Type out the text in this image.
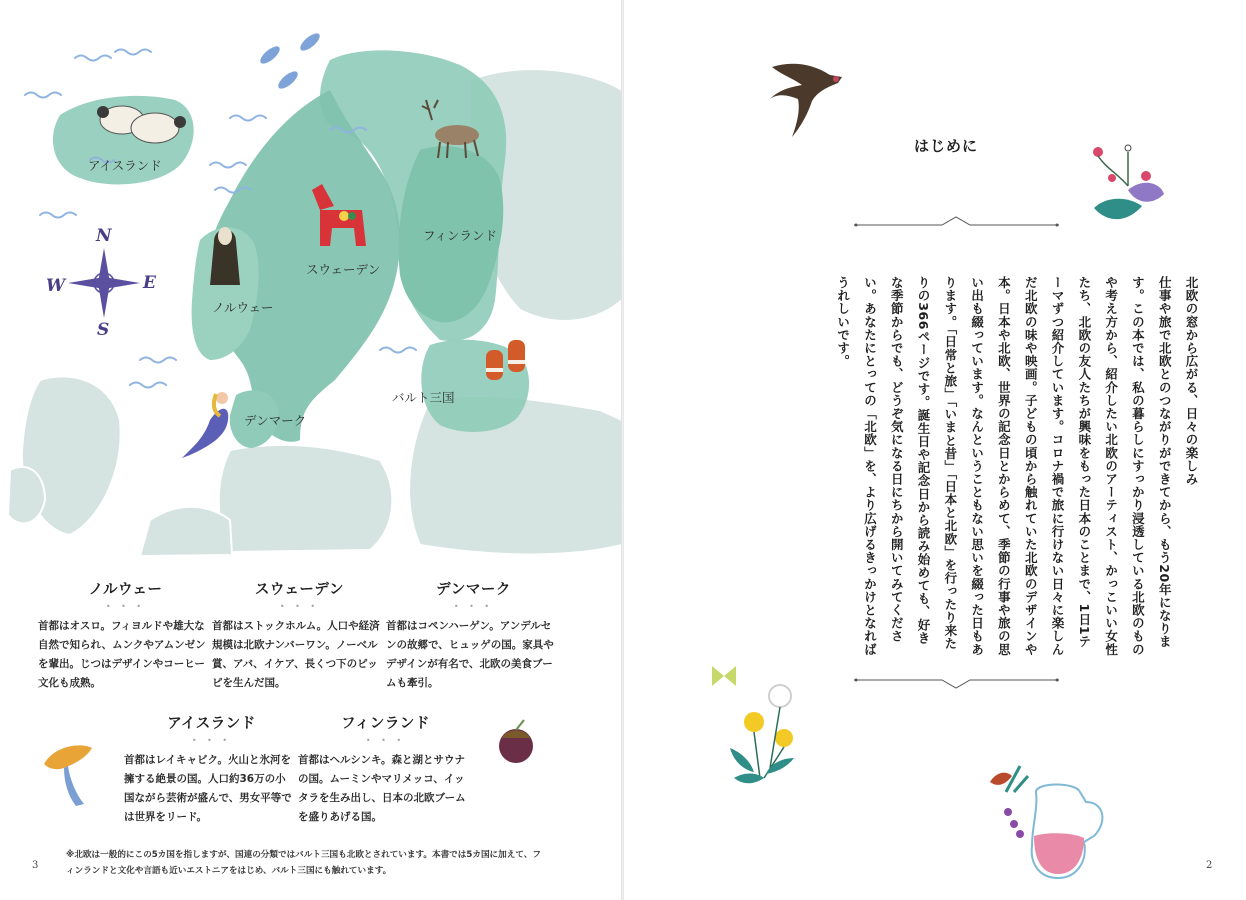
アイスランド
ノルウェー
スウェーデン
フィンランド
デンマーク
バルト三国
N
S
E
W
ノルウェー
• • •

首都はオスロ。フィヨルドや雄大な自然で知られ、ムンクやアムンゼンを輩出。じつはデザインやコーヒー文化も成熟。

スウェーデン
• • •

首都はストックホルム。人口や経済規模は北欧ナンバーワン。ノーベル賞、アバ、イケア、長くつ下のピッピを生んだ国。

デンマーク
• • •

首都はコペンハーゲン。アンデルセンの故郷で、ヒュッゲの国。家具やデザインが有名で、北欧の美食ブームも牽引。

アイスランド
• • •

首都はレイキャビク。火山と氷河を擁する絶景の国。人口約36万の小国ながら芸術が盛んで、男女平等では世界をリード。

フィンランド
• • •

首都はヘルシンキ。森と湖とサウナの国。ムーミンやマリメッコ、イッタラを生み出し、日本の北欧ブームを盛りあげる国。

※北欧は一般的にこの5カ国を指しますが、国連の分類ではバルト三国も北欧とされています。本書では5カ国に加えて、フィンランドと文化や言語も近いエストニアをはじめ、バルト三国にも触れています。
3
はじめに
北欧の窓から広がる、日々の楽しみ
仕事や旅で北欧とのつながりができてから、もう20年になります。この本では、私の暮らしにすっかり浸透している北欧のものや考え方から、紹介したい北欧のアーティスト、かっこいい女性たち、北欧の友人たちが興味をもった日本のことまで、1日1テーマずつ紹介しています。コロナ禍で旅に行けない日々に楽しんだ北欧の味や映画。子どもの頃から触れていた北欧のデザインや本。日本や北欧、世界の記念日とからめて、季節の行事や旅の思い出も綴っています。なんということもない思いを綴った日もあります。「日常と旅」「いまと昔」「日本と北欧」を行ったり来たりの366ページです。誕生日や記念日から読み始めても、好きな季節からでも、どうぞ気になる日にちから開いてみてください。あなたにとっての「北欧」を、より広げるきっかけとなればうれしいです。
2
